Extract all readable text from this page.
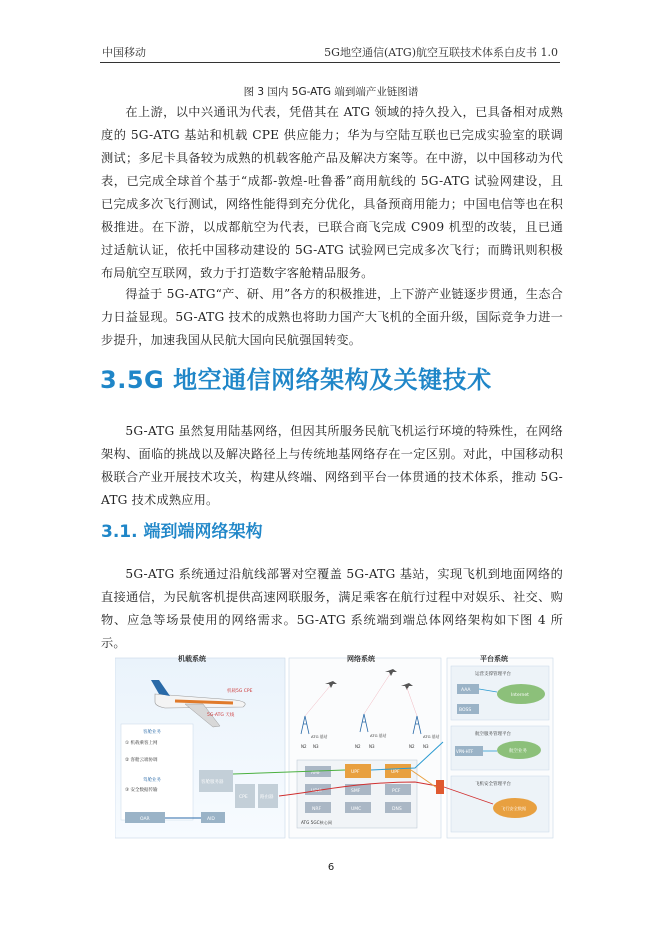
中国移动	5G地空通信(ATG)航空互联技术体系白皮书 1.0
图 3 国内 5G-ATG 端到端产业链图谱
在上游，以中兴通讯为代表，凭借其在 ATG 领域的持久投入，已具备相对成熟度的 5G-ATG 基站和机载 CPE 供应能力；华为与空陆互联也已完成实验室的联调测试；多尼卡具备较为成熟的机载客舱产品及解决方案等。在中游，以中国移动为代表，已完成全球首个基于“成都-敦煌-吐鲁番”商用航线的 5G-ATG 试验网建设，且已完成多次飞行测试，网络性能得到充分优化，具备预商用能力；中国电信等也在积极推进。在下游，以成都航空为代表，已联合商飞完成 C909 机型的改装，且已通过适航认证，依托中国移动建设的 5G-ATG 试验网已完成多次飞行；而腾讯则积极布局航空互联网，致力于打造数字客舱精品服务。
得益于 5G-ATG“产、研、用”各方的积极推进，上下游产业链逐步贯通，生态合力日益显现。5G-ATG 技术的成熟也将助力国产大飞机的全面升级，国际竞争力进一步提升，加速我国从民航大国向民航强国转变。
3.5G 地空通信网络架构及关键技术
5G-ATG 虽然复用陆基网络，但因其所服务民航飞机运行环境的特殊性，在网络架构、面临的挑战以及解决路径上与传统地基网络存在一定区别。对此，中国移动积极联合产业开展技术攻关，构建从终端、网络到平台一体贯通的技术体系，推动 5G-ATG 技术成熟应用。
3.1. 端到端网络架构
5G-ATG 系统通过沿航线部署对空覆盖 5G-ATG 基站，实现飞机到地面网络的直接通信，为民航客机提供高速网联服务，满足乘客在航行过程中对娱乐、社交、购物、应急等场景使用的网络需求。5G-ATG 系统端到端总体网络架构如下图 4 所示。
机载系统
机载5G CPE
5G-ATG 天线
客舱业务
① 机载乘客上网
② 客舱云端协调
驾舱业务
③ 安全数据传输
OAR	AID
客舱服务器
CPE	路由器
网络系统
ATG 基站	ATG 基站	ATG 基站
N2 N3	N2 N3	N2 N3
AMF	UPF	UPF
UDM	SMF	PCF
NRF	UMC	DNS
ATG 5GC核心网
平台系统
运营支撑管理平台
AAA
BOSS
Internet
航空服务管理平台
VPN-HTF	航空业务
飞机安全管理平台
飞行安全数据
6
